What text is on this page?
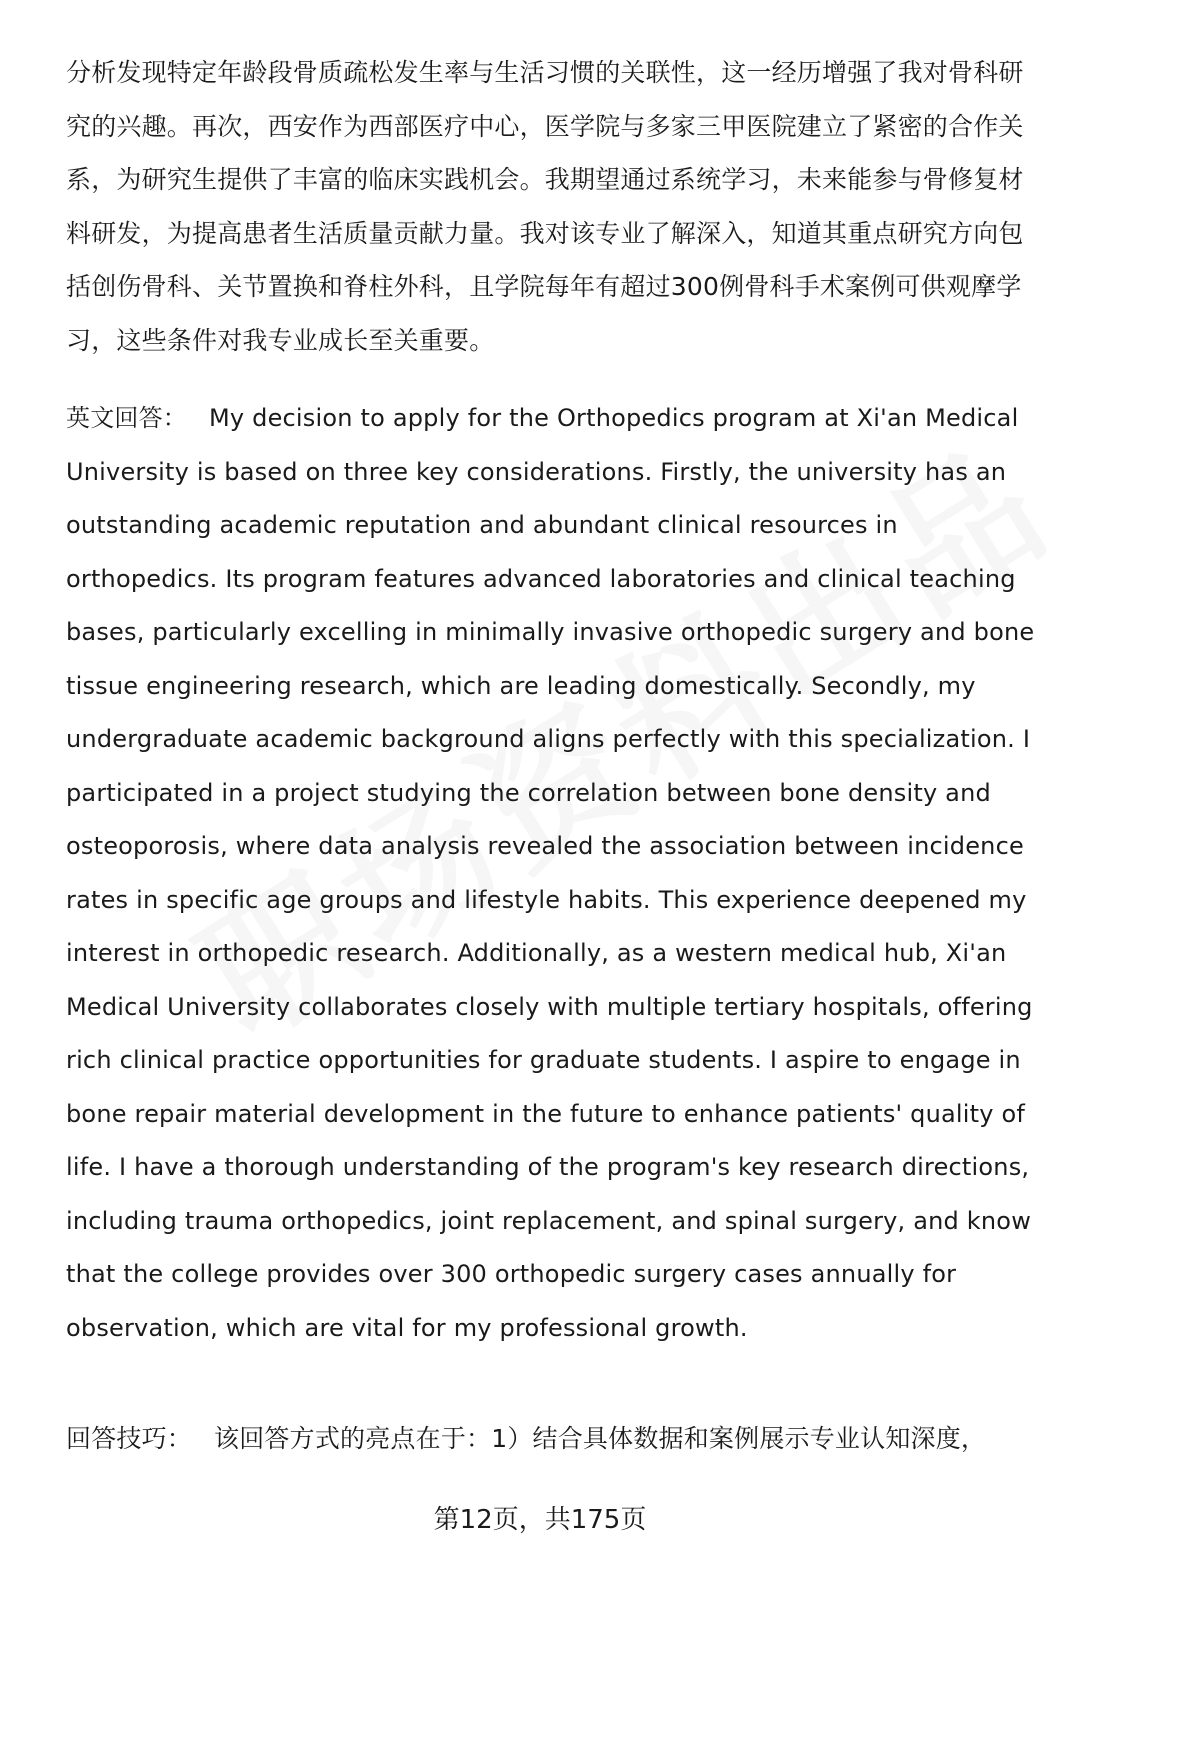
分析发现特定年龄段骨质疏松发生率与生活习惯的关联性，这一经历增强了我对骨科研究的兴趣。再次，西安作为西部医疗中心，医学院与多家三甲医院建立了紧密的合作关系，为研究生提供了丰富的临床实践机会。我期望通过系统学习，未来能参与骨修复材料研发，为提高患者生活质量贡献力量。我对该专业了解深入，知道其重点研究方向包括创伤骨科、关节置换和脊柱外科，且学院每年有超过300例骨科手术案例可供观摩学习，这些条件对我专业成长至关重要。
英文回答： My decision to apply for the Orthopedics program at Xi'an Medical University is based on three key considerations. Firstly, the university has an outstanding academic reputation and abundant clinical resources in orthopedics. Its program features advanced laboratories and clinical teaching bases, particularly excelling in minimally invasive orthopedic surgery and bone tissue engineering research, which are leading domestically. Secondly, my undergraduate academic background aligns perfectly with this specialization. I participated in a project studying the correlation between bone density and osteoporosis, where data analysis revealed the association between incidence rates in specific age groups and lifestyle habits. This experience deepened my interest in orthopedic research. Additionally, as a western medical hub, Xi'an Medical University collaborates closely with multiple tertiary hospitals, offering rich clinical practice opportunities for graduate students. I aspire to engage in bone repair material development in the future to enhance patients' quality of life. I have a thorough understanding of the program's key research directions, including trauma orthopedics, joint replacement, and spinal surgery, and know that the college provides over 300 orthopedic surgery cases annually for observation, which are vital for my professional growth.
回答技巧： 该回答方式的亮点在于：1）结合具体数据和案例展示专业认知深度，
第12页，共175页
